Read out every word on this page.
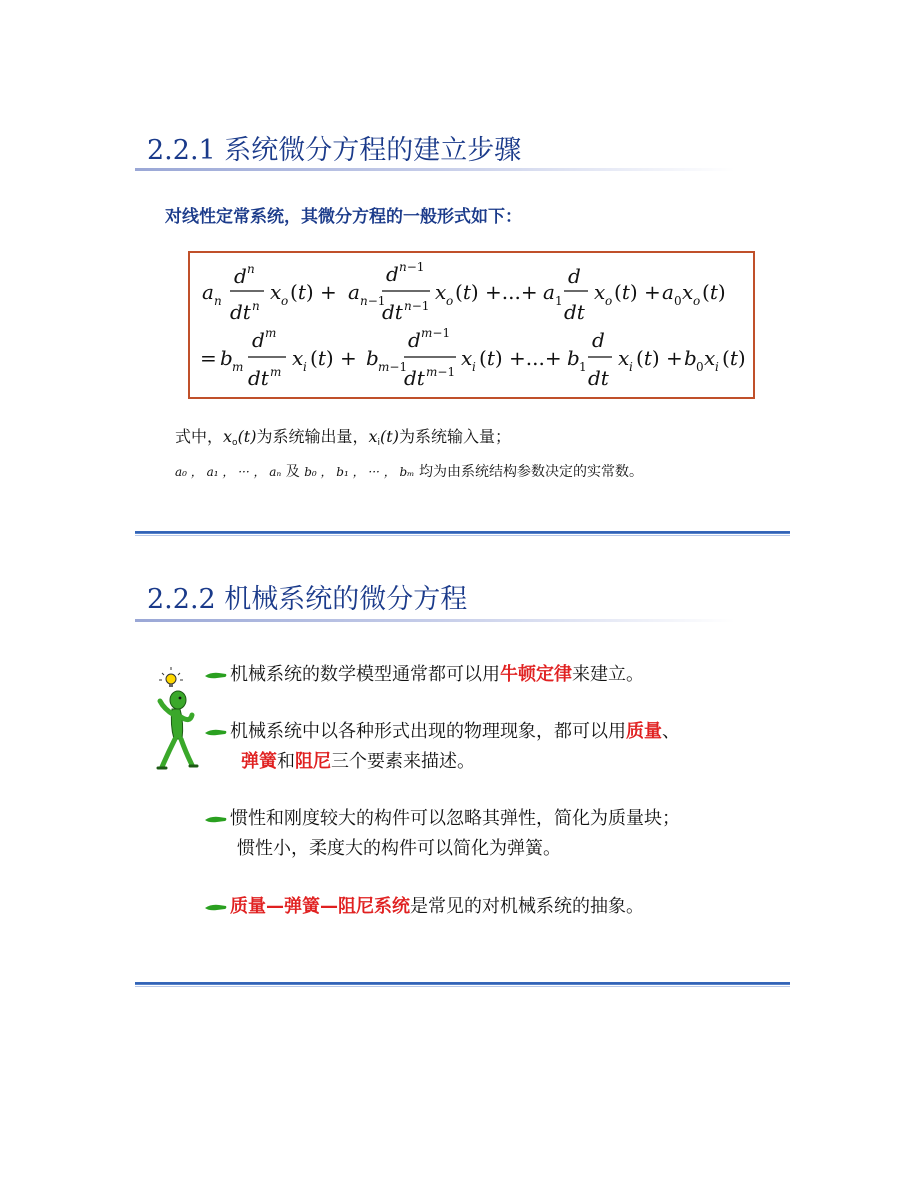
2.2.1 系统微分方程的建立步骤
对线性定常系统，其微分方程的一般形式如下：
a n
d n
dt n
x o (t) + a n−1
d n−1
dt n−1
x o (t) +...+ a 1
d
dt
x o (t) + a 0 x o (t)
= b m
d m
dt m
x i (t) + b m−1
d m−1
dt m−1
x i (t) +...+ b 1
d
dt
x i (t) + b 0 x i (t)
式中，$x_o(t)$为系统输出量，$x_i(t)$为系统输入量；
a₀ ， a₁ ， ··· ， aₙ 及 b₀ ， b₁ ， ··· ， bₘ 均为由系统结构参数决定的实常数。
2.2.2 机械系统的微分方程
机械系统的数学模型通常都可以用牛顿定律来建立。
机械系统中以各种形式出现的物理现象，都可以用质量、
弹簧和阻尼三个要素来描述。
惯性和刚度较大的构件可以忽略其弹性，简化为质量块；
惯性小，柔度大的构件可以简化为弹簧。
质量—弹簧—阻尼系统是常见的对机械系统的抽象。
